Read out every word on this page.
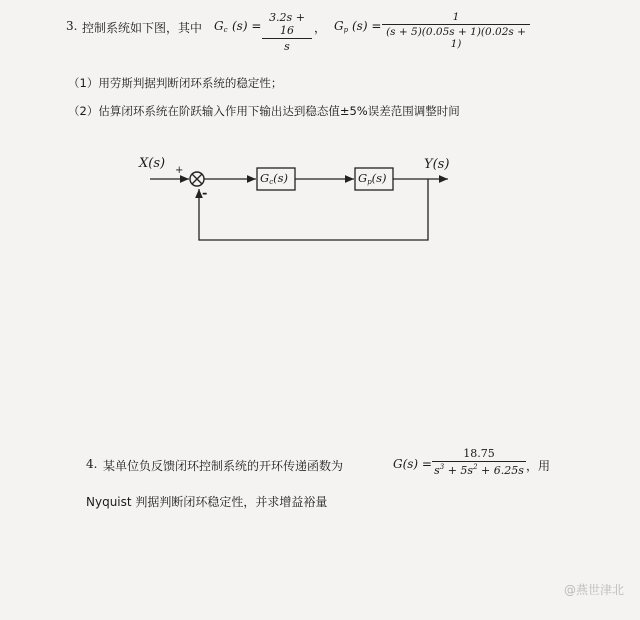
3. 控制系统如下图，其中 $G_c$ (s) =
3.2s + 16
s
， $G_p$ (s) =
1
(s + 5)(0.05s + 1)(0.02s + 1)
（1）用劳斯判据判断闭环系统的稳定性；
（2）估算闭环系统在阶跃输入作用下输出达到稳态值±5%误差范围调整时间
X(s) +
-
$G_c(s)$	$G_p(s)$
Y(s)
4. 某单位负反馈闭环控制系统的开环传递函数为	G(s) =
18.75
$s^3 + 5s^2 + 6.25s$ ，用
Nyquist 判据判断闭环稳定性，并求增益裕量
@燕世津北
